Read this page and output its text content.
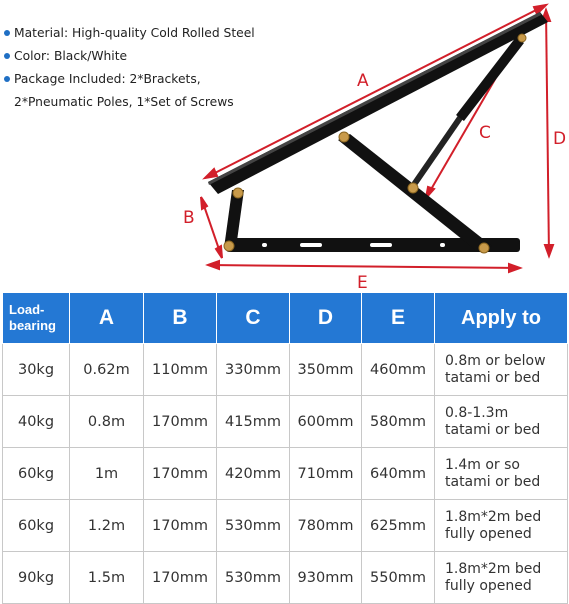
Material: High-quality Cold Rolled Steel
Color: Black/White
Package Included: 2*Brackets,
2*Pneumatic Poles, 1*Set of Screws
A
B
C	D
E
Load-bearing	A	B	C	D	E	Apply to
30kg	0.62m	110mm	330mm	350mm	460mm	0.8m or below
tatami or bed
40kg	0.8m	170mm	415mm	600mm	580mm	0.8-1.3m
tatami or bed
60kg	1m	170mm	420mm	710mm	640mm	1.4m or so
tatami or bed
60kg	1.2m	170mm	530mm	780mm	625mm	1.8m*2m bed
fully opened
90kg	1.5m	170mm	530mm	930mm	550mm	1.8m*2m bed
fully opened
